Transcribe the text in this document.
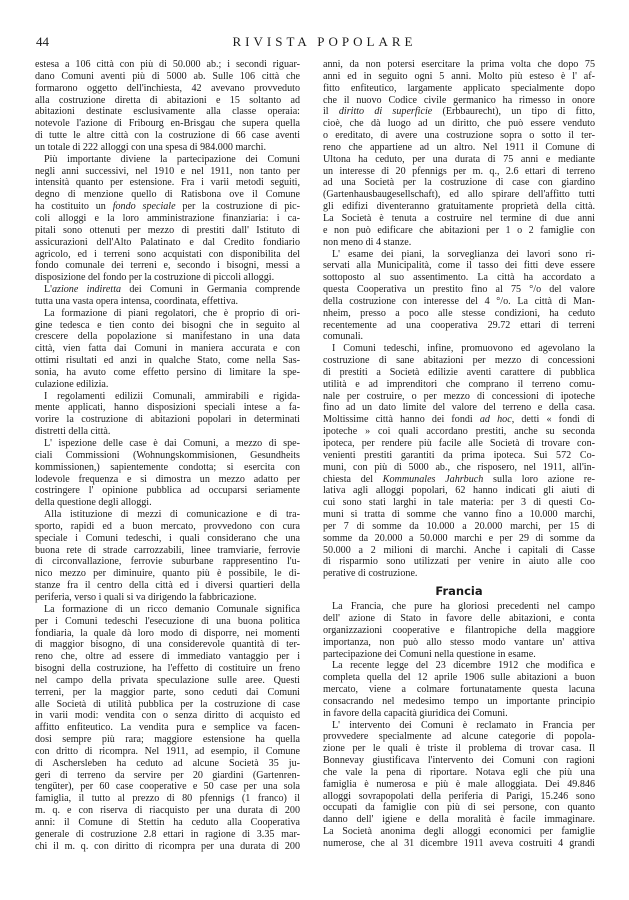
44	RIVISTA POPOLARE
estesa a 106 città con più di 50.000 ab.; i secondi riguar-
dano Comuni aventi più di 5000 ab. Sulle 106 città che
formarono oggetto dell'inchiesta, 42 avevano provveduto
alla costruzione diretta di abitazioni e 15 soltanto ad
abitazioni destinate esclusivamente alla classe operaia:
notevole l'azione di Fribourg en-Brisgau che supera quella
di tutte le altre città con la costruzione di 66 case aventi
un totale di 222 alloggi con una spesa di 984.000 marchi.
Più importante diviene la partecipazione dei Comuni
negli anni successivi, nel 1910 e nel 1911, non tanto per
intensità quanto per estensione. Fra i varii metodi seguiti,
degno di menzione quello di Ratisbona ove il Comune
ha costituito un fondo speciale per la costruzione di pic-
coli alloggi e la loro amministrazione finanziaria: i ca-
pitali sono ottenuti per mezzo di prestiti dall' Istituto di
assicurazioni dell'Alto Palatinato e dal Credito fondiario
agricolo, ed i terreni sono acquistati con disponibilita del
fondo comunale dei terreni e, secondo i bisogni, messi a
disposizione del fondo per la costruzione di piccoli alloggi.
L'azione indiretta dei Comuni in Germania comprende
tutta una vasta opera intensa, coordinata, effettiva.
La formazione di piani regolatori, che è proprio di ori-
gine tedesca e tien conto dei bisogni che in seguito al
crescere della popolazione si manifestano in una data
città, vien fatta dai Comuni in maniera accurata e con
ottimi risultati ed anzi in qualche Stato, come nella Sas-
sonia, ha avuto come effetto persino di limitare la spe-
culazione edilizia.
I regolamenti edilizii Comunali, ammirabili e rigida-
mente applicati, hanno disposizioni speciali intese a fa-
vorire la costruzione di abitazioni popolari in determinati
distretti della città.
L' ispezione delle case è dai Comuni, a mezzo di spe-
ciali Commissioni (Wohnungskommisionen, Gesundheits
kommissionen,) sapientemente condotta; si esercita con
lodevole frequenza e si dimostra un mezzo adatto per
costringere l' opinione pubblica ad occuparsi seriamente
della questione degli alloggi.
Alla istituzione di mezzi di comunicazione e di tra-
sporto, rapidi ed a buon mercato, provvedono con cura
speciale i Comuni tedeschi, i quali considerano che una
buona rete di strade carrozzabili, linee tramviarie, ferrovie
di circonvallazione, ferrovie suburbane rappresentino l'u-
nico mezzo per diminuire, quanto più è possibile, le di-
stanze fra il centro della città ed i diversi quartieri della
periferia, verso i quali si va dirigendo la fabbricazione.
La formazione di un ricco demanio Comunale significa
per i Comuni tedeschi l'esecuzione di una buona politica
fondiaria, la quale dà loro modo di disporre, nei momenti
di maggior bisogno, di una considerevole quantità di ter-
reno che, oltre ad essere di immediato vantaggio per i
bisogni della costruzione, ha l'effetto di costituire un freno
nel campo della privata speculazione sulle aree. Questi
terreni, per la maggior parte, sono ceduti dai Comuni
alle Società di utilità pubblica per la costruzione di case
in varii modi: vendita con o senza diritto di acquisto ed
affitto enfiteutico. La vendita pura e semplice va facen-
dosi sempre più rara; maggiore estensione ha quella
con dritto di ricompra. Nel 1911, ad esempio, il Comune
di Aschersleben ha ceduto ad alcune Società 35 ju-
geri di terreno da servire per 20 giardini (Gartenren-
tengüter), per 60 case cooperative e 50 case per una sola
famiglia, il tutto al prezzo di 80 pfennigs (1 franco) il
m. q. e con riserva di riacquisto per una durata di 200
anni: il Comune di Stettin ha ceduto alla Cooperativa
generale di costruzione 2.8 ettari in ragione di 3.35 mar-
chi il m. q. con diritto di ricompra per una durata di 200
anni, da non potersi esercitare la prima volta che dopo 75
anni ed in seguito ogni 5 anni. Molto più esteso è l' af-
fitto enfiteutico, largamente applicato specialmente dopo
che il nuovo Codice civile germanico ha rimesso in onore
il diritto di superficie (Erbbaurecht), un tipo di fitto,
cioè, che dà luogo ad un diritto, che può essere venduto
o ereditato, di avere una costruzione sopra o sotto il ter-
reno che appartiene ad un altro. Nel 1911 il Comune di
Ultona ha ceduto, per una durata di 75 anni e mediante
un interesse di 20 pfennigs per m. q., 2.6 ettari di terreno
ad una Società per la costruzione di case con giardino
(Gartenhausbaugesellschaft), ed allo spirare dell'affitto tutti
gli edifizi diventeranno gratuitamente proprietà della città.
La Società è tenuta a costruire nel termine di due anni
e non può edificare che abitazioni per 1 o 2 famiglie con
non meno di 4 stanze.
L' esame dei piani, la sorveglianza dei lavori sono ri-
servati alla Municipalità, come il tasso dei fitti deve essere
sottoposto al suo assentimento. La città ha accordato a
questa Cooperativa un prestito fino al 75 °/o del valore
della costruzione con interesse del 4 °/o. La città di Man-
nheim, presso a poco alle stesse condizioni, ha ceduto
recentemente ad una cooperativa 29.72 ettari di terreni
comunali.
I Comuni tedeschi, infine, promuovono ed agevolano la
costruzione di sane abitazioni per mezzo di concessioni
di prestiti a Società edilizie aventi carattere di pubblica
utilità e ad imprenditori che comprano il terreno comu-
nale per costruire, o per mezzo di concessioni di ipoteche
fino ad un dato limite del valore del terreno e della casa.
Moltissime città hanno dei fondi ad hoc, detti « fondi di
ipoteche » coi quali accordano prestiti, anche su seconda
ipoteca, per rendere più facile alle Società di trovare con-
venienti prestiti garantiti da prima ipoteca. Sui 572 Co-
muni, con più di 5000 ab., che risposero, nel 1911, all'in-
chiesta del Kommunales Jahrbuch sulla loro azione re-
lativa agli alloggi popolari, 62 hanno indicati gli aiuti di
cui sono stati larghi in tale materia: per 3 di questi Co-
muni si tratta di somme che vanno fino a 10.000 marchi,
per 7 di somme da 10.000 a 20.000 marchi, per 15 di
somme da 20.000 a 50.000 marchi e per 29 di somme da
50.000 a 2 milioni di marchi. Anche i capitali di Casse
di risparmio sono utilizzati per venire in aiuto alle coo
perative di costruzione.
Francia
La Francia, che pure ha gloriosi precedenti nel campo
dell' azione di Stato in favore delle abitazioni, e conta
organizzazioni cooperative e filantropiche della maggiore
importanza, non può allo stesso modo vantare un' attiva
partecipazione dei Comuni nella questione in esame.
La recente legge del 23 dicembre 1912 che modifica e
completa quella del 12 aprile 1906 sulle abitazioni a buon
mercato, viene a colmare fortunatamente questa lacuna
consacrando nel medesimo tempo un importante principio
in favore della capacità giuridica dei Comuni.
L' intervento dei Comuni è reclamato in Francia per
provvedere specialmente ad alcune categorie di popola-
zione per le quali è triste il problema di trovar casa. Il
Bonnevay giustificava l'intervento dei Comuni con ragioni
che vale la pena di riportare. Notava egli che più una
famiglia è numerosa e più è male alloggiata. Dei 49.846
alloggi sovrapopolati della periferia di Parigi, 15.246 sono
occupati da famiglie con più di sei persone, con quanto
danno dell' igiene e della moralità è facile immaginare.
La Società anonima degli alloggi economici per famiglie
numerose, che al 31 dicembre 1911 aveva costruiti 4 grandi
